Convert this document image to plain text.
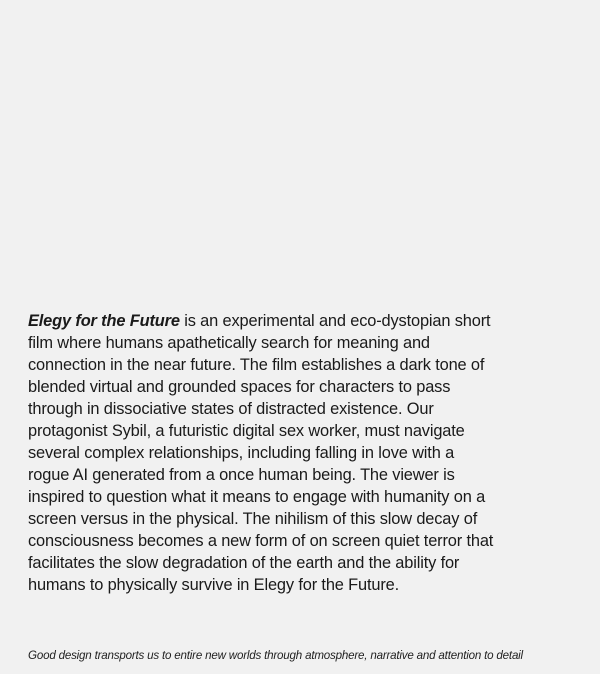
Elegy for the Future is an experimental and eco-dystopian short
film where humans apathetically search for meaning and
connection in the near future. The film establishes a dark tone of
blended virtual and grounded spaces for characters to pass
through in dissociative states of distracted existence. Our
protagonist Sybil, a futuristic digital sex worker, must navigate
several complex relationships, including falling in love with a
rogue AI generated from a once human being. The viewer is
inspired to question what it means to engage with humanity on a
screen versus in the physical. The nihilism of this slow decay of
consciousness becomes a new form of on screen quiet terror that
facilitates the slow degradation of the earth and the ability for
humans to physically survive in Elegy for the Future.

Good design transports us to entire new worlds through atmosphere, narrative and attention to detail
